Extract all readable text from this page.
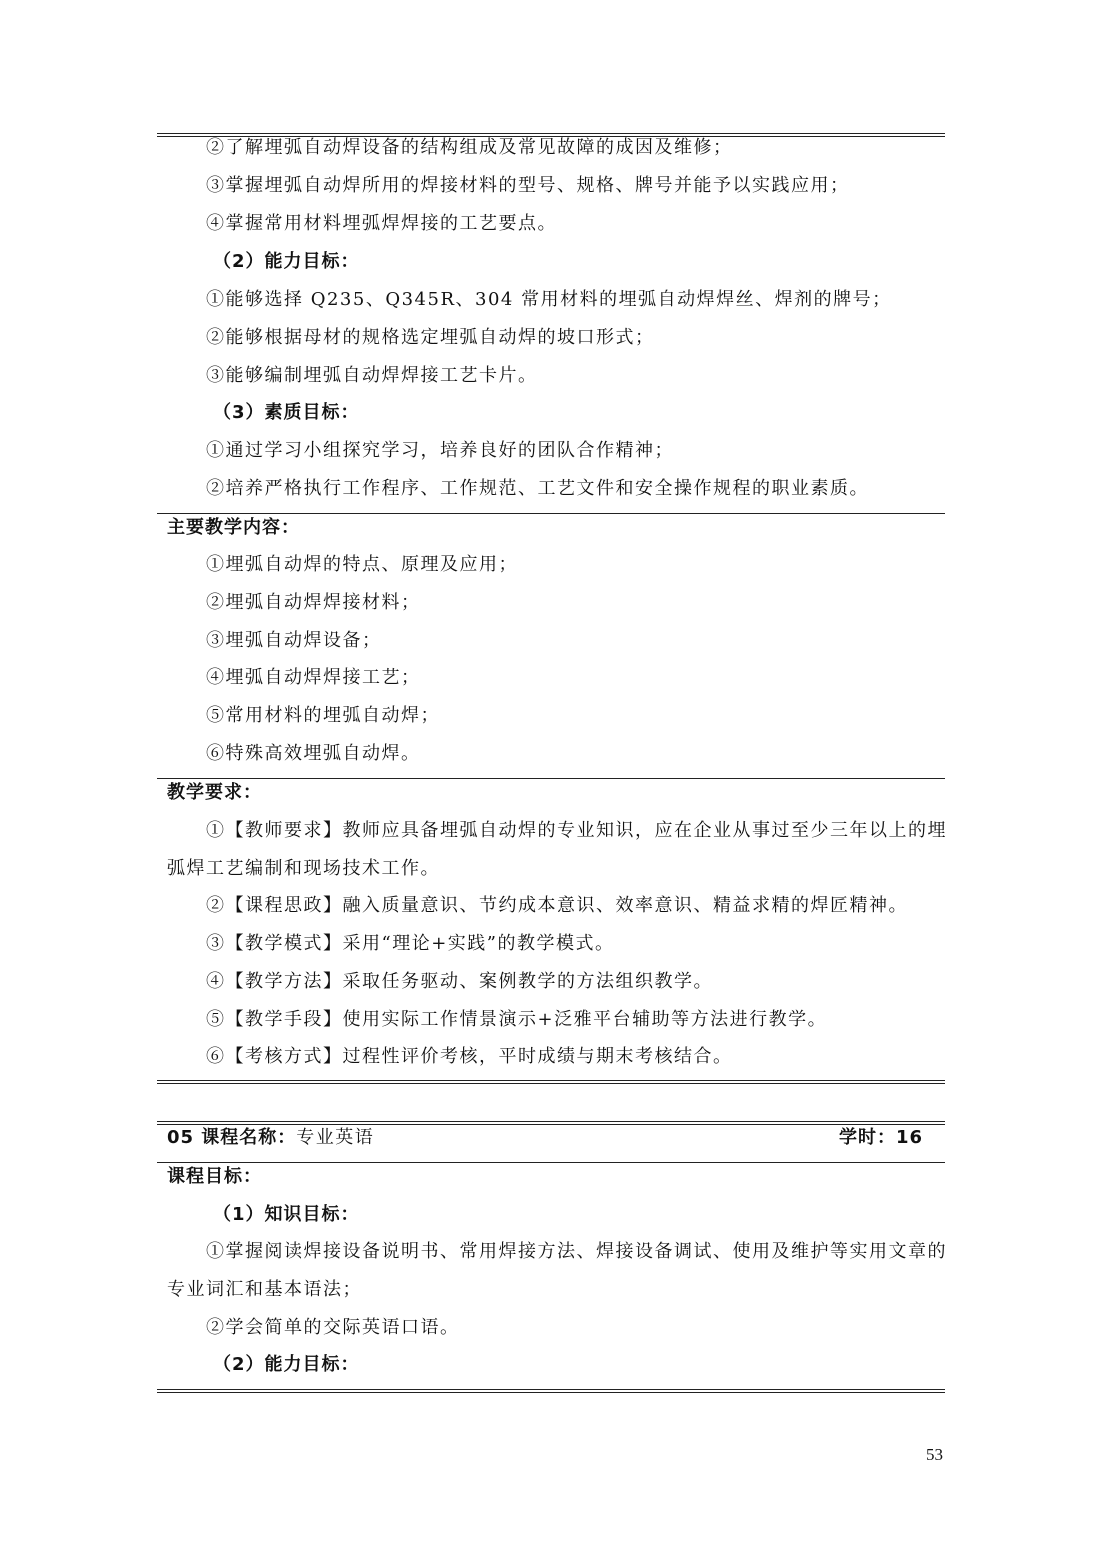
②了解埋弧自动焊设备的结构组成及常见故障的成因及维修；
③掌握埋弧自动焊所用的焊接材料的型号、规格、牌号并能予以实践应用；
④掌握常用材料埋弧焊焊接的工艺要点。
（2）能力目标：
①能够选择 Q235、Q345R、304 常用材料的埋弧自动焊焊丝、焊剂的牌号；
②能够根据母材的规格选定埋弧自动焊的坡口形式；
③能够编制埋弧自动焊焊接工艺卡片。
（3）素质目标：
①通过学习小组探究学习，培养良好的团队合作精神；
②培养严格执行工作程序、工作规范、工艺文件和安全操作规程的职业素质。
主要教学内容：
①埋弧自动焊的特点、原理及应用；
②埋弧自动焊焊接材料；
③埋弧自动焊设备；
④埋弧自动焊焊接工艺；
⑤常用材料的埋弧自动焊；
⑥特殊高效埋弧自动焊。
教学要求：
①【教师要求】教师应具备埋弧自动焊的专业知识，应在企业从事过至少三年以上的埋
弧焊工艺编制和现场技术工作。
②【课程思政】融入质量意识、节约成本意识、效率意识、精益求精的焊匠精神。
③【教学模式】采用“理论+实践”的教学模式。
④【教学方法】采取任务驱动、案例教学的方法组织教学。
⑤【教学手段】使用实际工作情景演示+泛雅平台辅助等方法进行教学。
⑥【考核方式】过程性评价考核，平时成绩与期末考核结合。
05 课程名称：专业英语	学时：16
课程目标：
（1）知识目标：
①掌握阅读焊接设备说明书、常用焊接方法、焊接设备调试、使用及维护等实用文章的
专业词汇和基本语法；
②学会简单的交际英语口语。
（2）能力目标：
53
